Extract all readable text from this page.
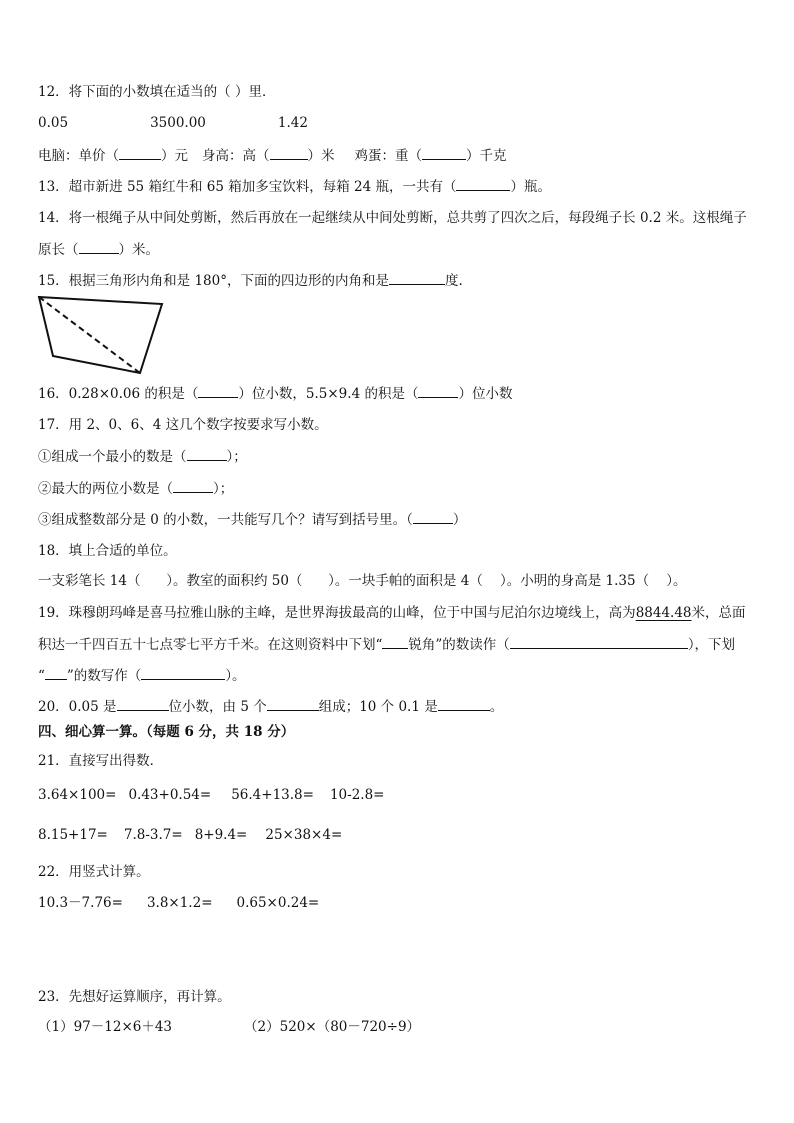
12．将下面的小数填在适当的（ ）里．
0.05	3500.00	1.42
电脑：单价（	）元 身高：高（	）米 鸡蛋：重（	）千克
13．超市新进 55 箱红牛和 65 箱加多宝饮料，每箱 24 瓶，一共有（	）瓶。
14．将一根绳子从中间处剪断，然后再放在一起继续从中间处剪断，总共剪了四次之后，每段绳子长 0.2 米。这根绳子
原长（	）米。
15．根据三角形内角和是 180°，下面的四边形的内角和是	度.
16．0.28×0.06 的积是（	）位小数，5.5×9.4 的积是（	）位小数
17．用 2、0、6、4 这几个数字按要求写小数。
①组成一个最小的数是（	）；
②最大的两位小数是（	）；
③组成整数部分是 0 的小数，一共能写几个？请写到括号里。（	）
18．填上合适的单位。
一支彩笔长 14（      ）。教室的面积约 50（      ）。一块手帕的面积是 4（    ）。小明的身高是 1.35（    ）。
19．珠穆朗玛峰是喜马拉雅山脉的主峰，是世界海拔最高的山峰，位于中国与尼泊尔边境线上，高为8844.48米，总面
积达一千四百五十七点零七平方千米。在这则资料中下划“ 锐角”的数读作（	），下划
“ ”的数写作（	）。
20．0.05 是	位小数，由 5 个	组成；10 个 0.1 是	。
四、细心算一算。（每题 6 分，共 18 分）
21．直接写出得数．
3.64×100= 0.43+0.54= 56.4+13.8= 10-2.8=
8.15+17= 7.8-3.7= 8+9.4= 25×38×4=
22．用竖式计算。
10.3－7.76= 3.8×1.2= 0.65×0.24=
23．先想好运算顺序，再计算。
（1）97－12×6＋43	（2）520×（80－720÷9）
